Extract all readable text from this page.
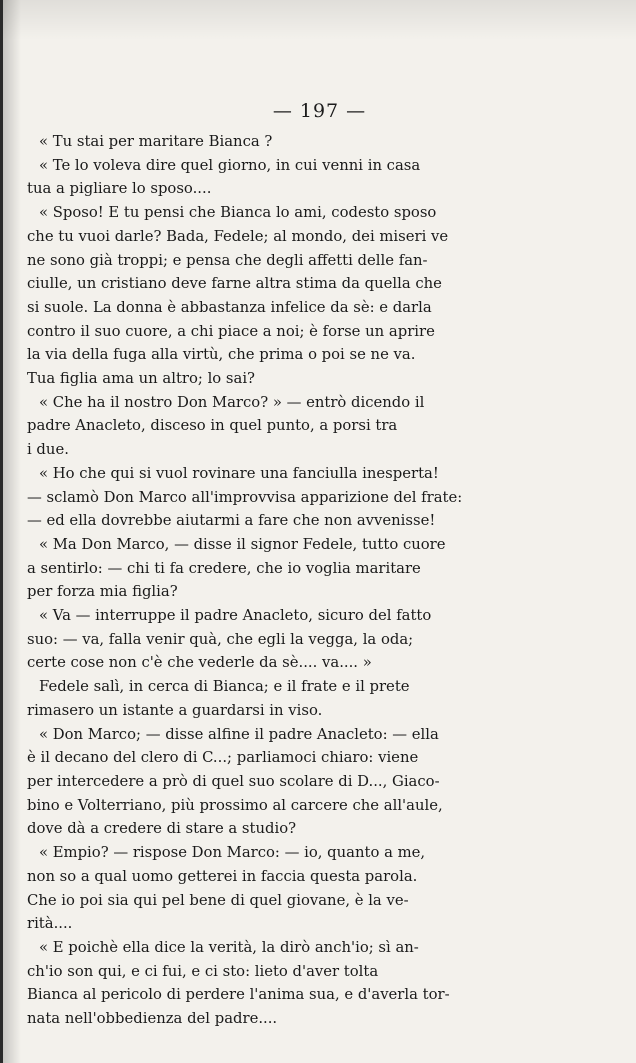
— 197 —
« Tu stai per maritare Bianca ?
« Te lo voleva dire quel giorno, in cui venni in casa
tua a pigliare lo sposo....
« Sposo! E tu pensi che Bianca lo ami, codesto sposo
che tu vuoi darle? Bada, Fedele; al mondo, dei miseri ve
ne sono già troppi; e pensa che degli affetti delle fan-
ciulle, un cristiano deve farne altra stima da quella che
si suole. La donna è abbastanza infelice da sè: e darla
contro il suo cuore, a chi piace a noi; è forse un aprire
la via della fuga alla virtù, che prima o poi se ne va.
Tua figlia ama un altro; lo sai?
« Che ha il nostro Don Marco? » — entrò dicendo il
padre Anacleto, disceso in quel punto, a porsi tra
i due.
« Ho che qui si vuol rovinare una fanciulla inesperta!
— sclamò Don Marco all'improvvisa apparizione del frate:
— ed ella dovrebbe aiutarmi a fare che non avvenisse!
« Ma Don Marco, — disse il signor Fedele, tutto cuore
a sentirlo: — chi ti fa credere, che io voglia maritare
per forza mia figlia?
« Va — interruppe il padre Anacleto, sicuro del fatto
suo: — va, falla venir quà, che egli la vegga, la oda;
certe cose non c'è che vederle da sè.... va.... »
Fedele salì, in cerca di Bianca; e il frate e il prete
rimasero un istante a guardarsi in viso.
« Don Marco; — disse alfine il padre Anacleto: — ella
è il decano del clero di C...; parliamoci chiaro: viene
per intercedere a prò di quel suo scolare di D..., Giaco-
bino e Volterriano, più prossimo al carcere che all'aule,
dove dà a credere di stare a studio?
« Empio? — rispose Don Marco: — io, quanto a me,
non so a qual uomo getterei in faccia questa parola.
Che io poi sia qui pel bene di quel giovane, è la ve-
rità....
« E poichè ella dice la verità, la dirò anch'io; sì an-
ch'io son qui, e ci fui, e ci sto: lieto d'aver tolta
Bianca al pericolo di perdere l'anima sua, e d'averla tor-
nata nell'obbedienza del padre....
